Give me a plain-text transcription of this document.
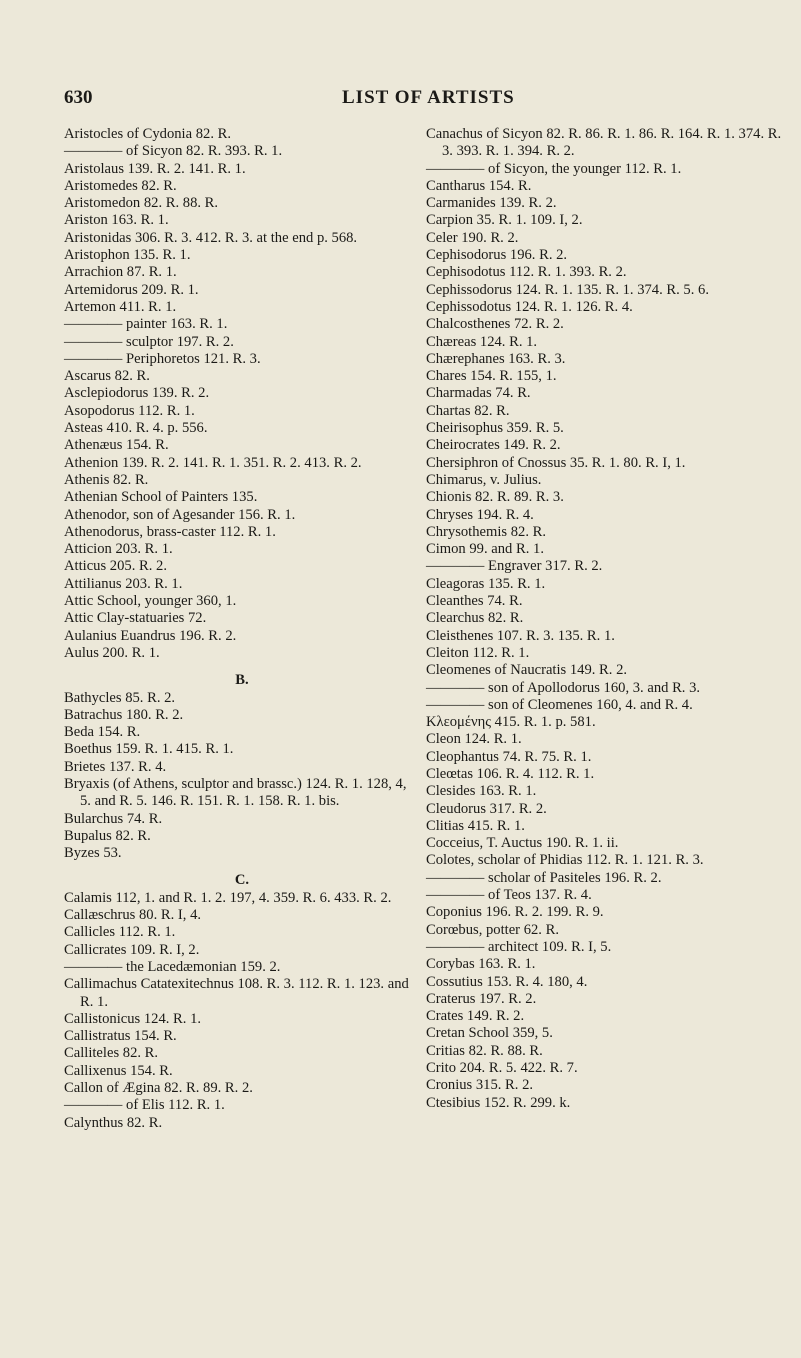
630	LIST OF ARTISTS
Aristocles of Cydonia 82. R.
———— of Sicyon 82. R. 393. R. 1.
Aristolaus 139. R. 2. 141. R. 1.
Aristomedes 82. R.
Aristomedon 82. R. 88. R.
Ariston 163. R. 1.
Aristonidas 306. R. 3. 412. R. 3. at the end p. 568.
Aristophon 135. R. 1.
Arrachion 87. R. 1.
Artemidorus 209. R. 1.
Artemon 411. R. 1.
———— painter 163. R. 1.
———— sculptor 197. R. 2.
———— Periphoretos 121. R. 3.
Ascarus 82. R.
Asclepiodorus 139. R. 2.
Asopodorus 112. R. 1.
Asteas 410. R. 4. p. 556.
Athenæus 154. R.
Athenion 139. R. 2. 141. R. 1. 351. R. 2. 413. R. 2.
Athenis 82. R.
Athenian School of Painters 135.
Athenodor, son of Agesander 156. R. 1.
Athenodorus, brass-caster 112. R. 1.
Atticion 203. R. 1.
Atticus 205. R. 2.
Attilianus 203. R. 1.
Attic School, younger 360, 1.
Attic Clay-statuaries 72.
Aulanius Euandrus 196. R. 2.
Aulus 200. R. 1.
B.
Bathycles 85. R. 2.
Batrachus 180. R. 2.
Beda 154. R.
Boethus 159. R. 1. 415. R. 1.
Brietes 137. R. 4.
Bryaxis (of Athens, sculptor and brassc.) 124. R. 1. 128, 4, 5. and R. 5. 146. R. 151. R. 1. 158. R. 1. bis.
Bularchus 74. R.
Bupalus 82. R.
Byzes 53.
C.
Calamis 112, 1. and R. 1. 2. 197, 4. 359. R. 6. 433. R. 2.
Callæschrus 80. R. I, 4.
Callicles 112. R. 1.
Callicrates 109. R. I, 2.
———— the Lacedæmonian 159. 2.
Callimachus Catatexitechnus 108. R. 3. 112. R. 1. 123. and R. 1.
Callistonicus 124. R. 1.
Callistratus 154. R.
Calliteles 82. R.
Callixenus 154. R.
Callon of Ægina 82. R. 89. R. 2.
———— of Elis 112. R. 1.
Calynthus 82. R.
Canachus of Sicyon 82. R. 86. R. 1. 86. R. 164. R. 1. 374. R. 3. 393. R. 1. 394. R. 2.
———— of Sicyon, the younger 112. R. 1.
Cantharus 154. R.
Carmanides 139. R. 2.
Carpion 35. R. 1. 109. I, 2.
Celer 190. R. 2.
Cephisodorus 196. R. 2.
Cephisodotus 112. R. 1. 393. R. 2.
Cephissodorus 124. R. 1. 135. R. 1. 374. R. 5. 6.
Cephissodotus 124. R. 1. 126. R. 4.
Chalcosthenes 72. R. 2.
Chæreas 124. R. 1.
Chærephanes 163. R. 3.
Chares 154. R. 155, 1.
Charmadas 74. R.
Chartas 82. R.
Cheirisophus 359. R. 5.
Cheirocrates 149. R. 2.
Chersiphron of Cnossus 35. R. 1. 80. R. I, 1.
Chimarus, v. Julius.
Chionis 82. R. 89. R. 3.
Chryses 194. R. 4.
Chrysothemis 82. R.
Cimon 99. and R. 1.
———— Engraver 317. R. 2.
Cleagoras 135. R. 1.
Cleanthes 74. R.
Clearchus 82. R.
Cleisthenes 107. R. 3. 135. R. 1.
Cleiton 112. R. 1.
Cleomenes of Naucratis 149. R. 2.
———— son of Apollodorus 160, 3. and R. 3.
———— son of Cleomenes 160, 4. and R. 4.
Κλεομένης 415. R. 1. p. 581.
Cleon 124. R. 1.
Cleophantus 74. R. 75. R. 1.
Cleœtas 106. R. 4. 112. R. 1.
Clesides 163. R. 1.
Cleudorus 317. R. 2.
Clitias 415. R. 1.
Cocceius, T. Auctus 190. R. 1. ii.
Colotes, scholar of Phidias 112. R. 1. 121. R. 3.
———— scholar of Pasiteles 196. R. 2.
———— of Teos 137. R. 4.
Coponius 196. R. 2. 199. R. 9.
Corœbus, potter 62. R.
———— architect 109. R. I, 5.
Corybas 163. R. 1.
Cossutius 153. R. 4. 180, 4.
Craterus 197. R. 2.
Crates 149. R. 2.
Cretan School 359, 5.
Critias 82. R. 88. R.
Crito 204. R. 5. 422. R. 7.
Cronius 315. R. 2.
Ctesibius 152. R. 299. k.
